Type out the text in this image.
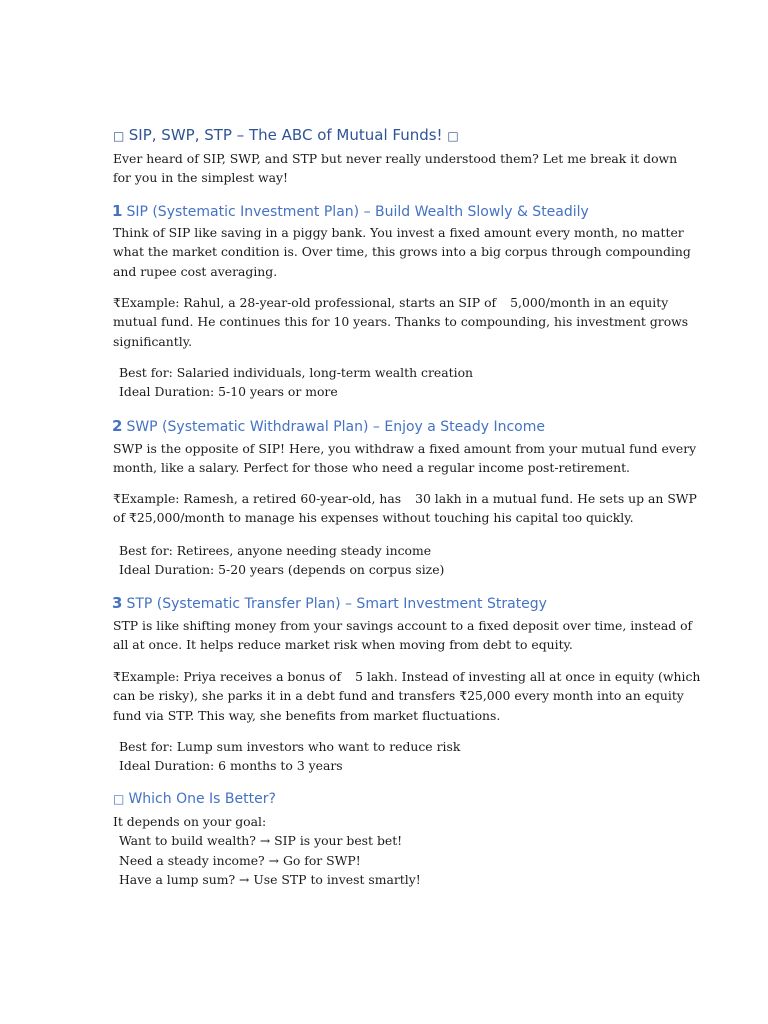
□ SIP, SWP, STP – The ABC of Mutual Funds! □
Ever heard of SIP, SWP, and STP but never really understood them? Let me break it down
for you in the simplest way!
1 SIP (Systematic Investment Plan) – Build Wealth Slowly & Steadily
Think of SIP like saving in a piggy bank. You invest a fixed amount every month, no matter
what the market condition is. Over time, this grows into a big corpus through compounding
and rupee cost averaging.
₹Example: Rahul, a 28-year-old professional, starts an SIP of 5,000/month in an equity
mutual fund. He continues this for 10 years. Thanks to compounding, his investment grows
significantly.
Best for: Salaried individuals, long-term wealth creation
Ideal Duration: 5-10 years or more
2 SWP (Systematic Withdrawal Plan) – Enjoy a Steady Income
SWP is the opposite of SIP! Here, you withdraw a fixed amount from your mutual fund every
month, like a salary. Perfect for those who need a regular income post-retirement.
₹Example: Ramesh, a retired 60-year-old, has 30 lakh in a mutual fund. He sets up an SWP
of ₹25,000/month to manage his expenses without touching his capital too quickly.
Best for: Retirees, anyone needing steady income
Ideal Duration: 5-20 years (depends on corpus size)
3 STP (Systematic Transfer Plan) – Smart Investment Strategy
STP is like shifting money from your savings account to a fixed deposit over time, instead of
all at once. It helps reduce market risk when moving from debt to equity.
₹Example: Priya receives a bonus of 5 lakh. Instead of investing all at once in equity (which
can be risky), she parks it in a debt fund and transfers ₹25,000 every month into an equity
fund via STP. This way, she benefits from market fluctuations.
Best for: Lump sum investors who want to reduce risk
Ideal Duration: 6 months to 3 years
□ Which One Is Better?
It depends on your goal:
Want to build wealth? → SIP is your best bet!
Need a steady income? → Go for SWP!
Have a lump sum? → Use STP to invest smartly!
